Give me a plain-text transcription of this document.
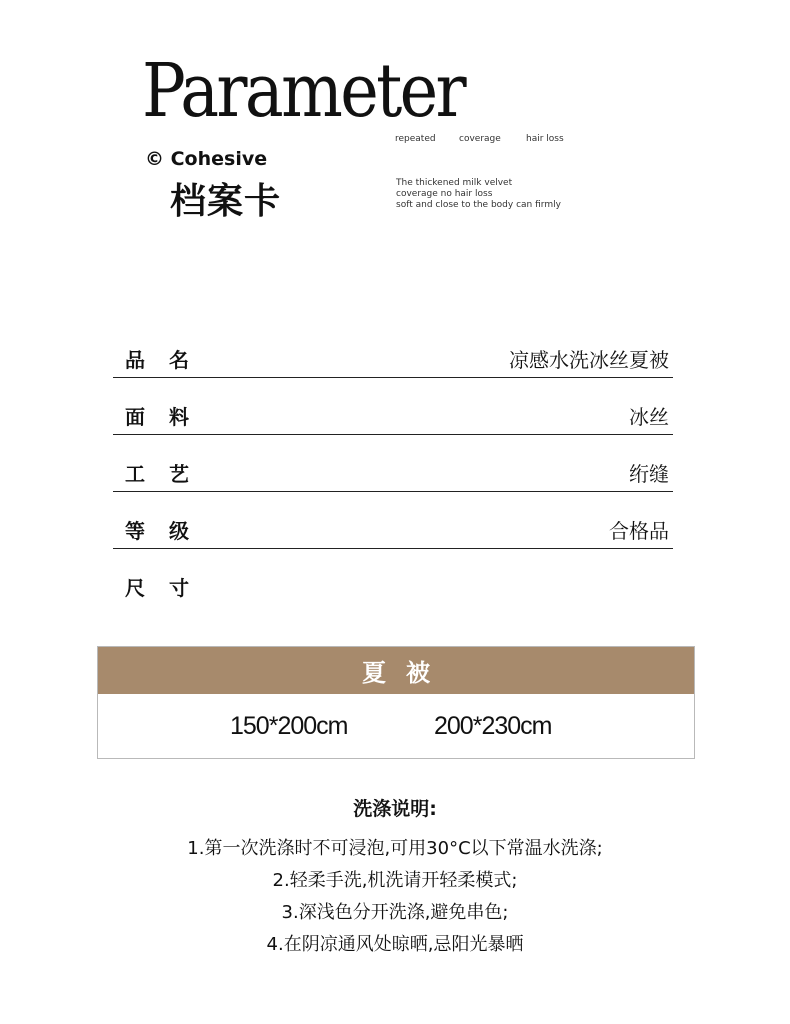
Parameter
repeated	coverage	hair loss
© Cohesive
档案卡	The thickened milk velvet
coverage no hair loss
soft and close to the body can firmly
品名	凉感水洗冰丝夏被
面料	冰丝
工艺	绗缝
等级	合格品
尺寸
夏被
150*200cm	200*230cm
洗涤说明:
1.第一次洗涤时不可浸泡,可用30°C以下常温水洗涤;
2.轻柔手洗,机洗请开轻柔模式;
3.深浅色分开洗涤,避免串色;
4.在阴凉通风处晾晒,忌阳光暴晒
